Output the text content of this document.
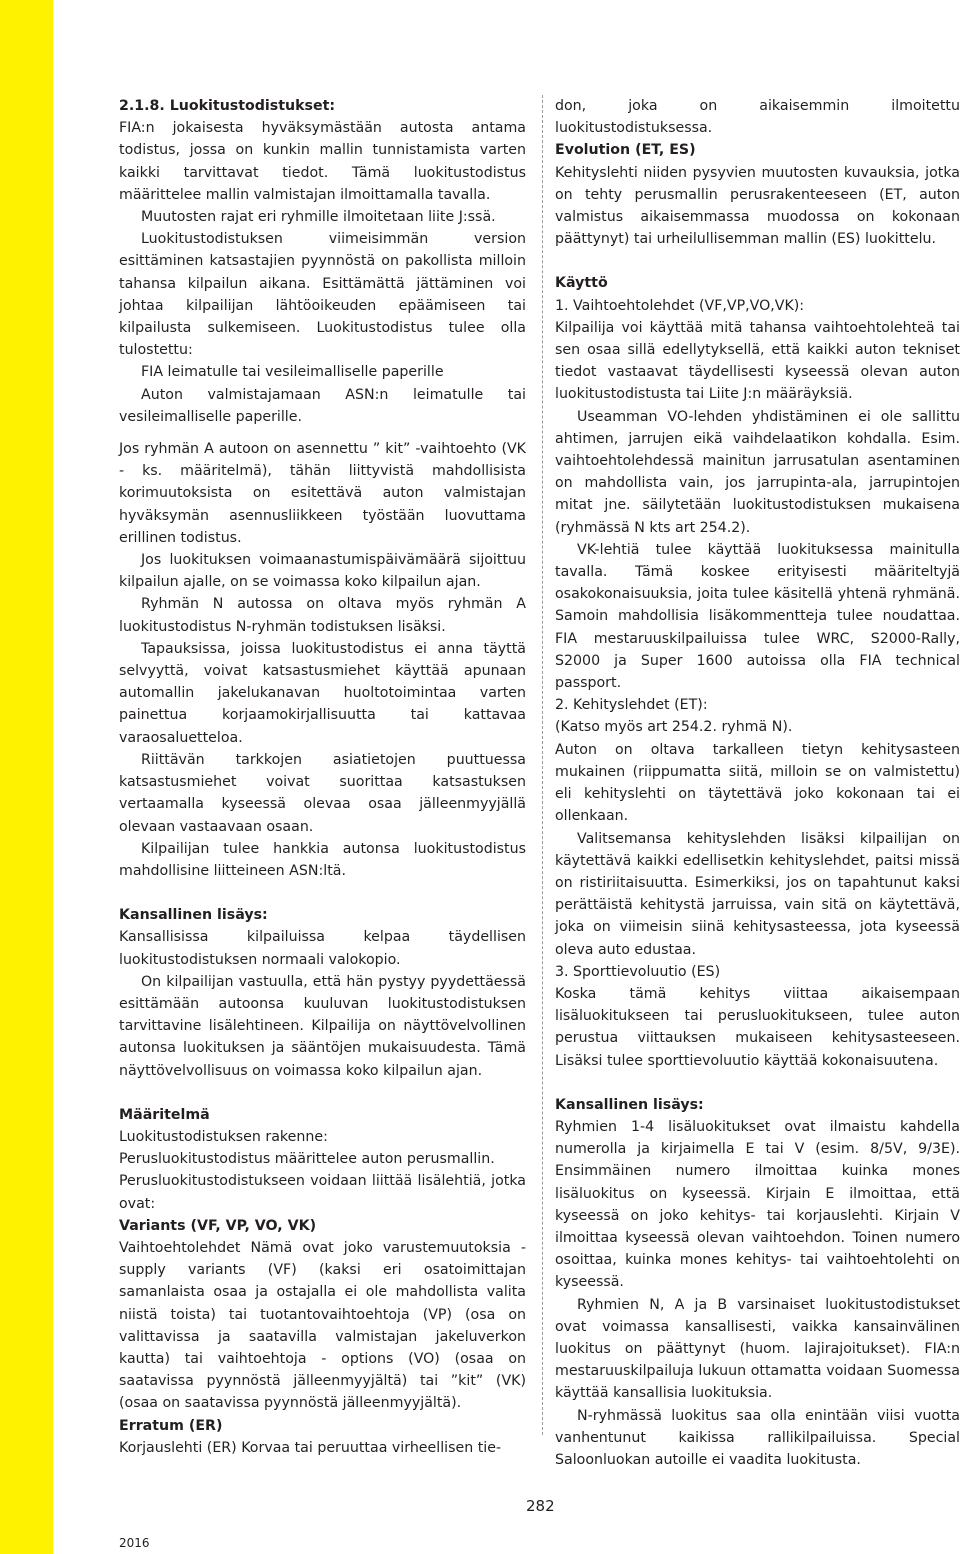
2.1.8. Luokitustodistukset:

FIA:n jokaisesta hyväksymästään autosta antama todistus, jossa on kunkin mallin tunnistamista varten kaikki tarvittavat tiedot. Tämä luokitustodistus määrittelee mallin valmistajan ilmoittamalla tavalla.

Muutosten rajat eri ryhmille ilmoitetaan liite J:ssä.

Luokitustodistuksen viimeisimmän version esittäminen katsastajien pyynnöstä on pakollista milloin tahansa kilpailun aikana. Esittämättä jättäminen voi johtaa kilpailijan lähtöoikeuden epäämiseen tai kilpailusta sulkemiseen. Luokitustodistus tulee olla tulostettu:

FIA leimatulle tai vesileimalliselle paperille

Auton valmistajamaan ASN:n leimatulle tai vesileimalliselle paperille.

Jos ryhmän A autoon on asennettu ” kit” -vaihtoehto (VK - ks. määritelmä), tähän liittyvistä mahdollisista korimuutoksista on esitettävä auton valmistajan hyväksymän asennusliikkeen työstään luovuttama erillinen todistus.

Jos luokituksen voimaanastumispäivämäärä sijoittuu kilpailun ajalle, on se voimassa koko kilpailun ajan.

Ryhmän N autossa on oltava myös ryhmän A luokitustodistus N-ryhmän todistuksen lisäksi.

Tapauksissa, joissa luokitustodistus ei anna täyttä selvyyttä, voivat katsastusmiehet käyttää apunaan automallin jakelukanavan huoltotoimintaa varten painettua korjaamokirjallisuutta tai kattavaa varaosaluetteloa.

Riittävän tarkkojen asiatietojen puuttuessa katsastusmiehet voivat suorittaa katsastuksen vertaamalla kyseessä olevaa osaa jälleenmyyjällä olevaan vastaavaan osaan.

Kilpailijan tulee hankkia autonsa luokitustodistus mahdollisine liitteineen ASN:ltä.

Kansallinen lisäys:

Kansallisissa kilpailuissa kelpaa täydellisen luokitustodistuksen normaali valokopio.

On kilpailijan vastuulla, että hän pystyy pyydettäessä esittämään autoonsa kuuluvan luokitustodistuksen tarvittavine lisälehtineen. Kilpailija on näyttövelvollinen autonsa luokituksen ja sääntöjen mukaisuudesta. Tämä näyttövelvollisuus on voimassa koko kilpailun ajan.

Määritelmä

Luokitustodistuksen rakenne:

Perusluokitustodistus määrittelee auton perusmallin.

Perusluokitustodistukseen voidaan liittää lisälehtiä, jotka ovat:

Variants (VF, VP, VO, VK)

Vaihtoehtolehdet Nämä ovat joko varustemuutoksia - supply variants (VF) (kaksi eri osatoimittajan samanlaista osaa ja ostajalla ei ole mahdollista valita niistä toista) tai tuotantovaihtoehtoja (VP) (osa on valittavissa ja saatavilla valmistajan jakeluverkon kautta) tai vaihtoehtoja - options (VO) (osaa on saatavissa pyynnöstä jälleenmyyjältä) tai ”kit” (VK) (osaa on saatavissa pyynnöstä jälleenmyyjältä).

Erratum (ER)

Korjauslehti (ER) Korvaa tai peruuttaa virheellisen tie-

don, joka on aikaisemmin ilmoitettu luokitustodistuksessa.

Evolution (ET, ES)

Kehityslehti niiden pysyvien muutosten kuvauksia, jotka on tehty perusmallin perusrakenteeseen (ET, auton valmistus aikaisemmassa muodossa on kokonaan päättynyt) tai urheilullisemman mallin (ES) luokittelu.

Käyttö

1. Vaihtoehtolehdet (VF,VP,VO,VK):

Kilpailija voi käyttää mitä tahansa vaihtoehtolehteä tai sen osaa sillä edellytyksellä, että kaikki auton tekniset tiedot vastaavat täydellisesti kyseessä olevan auton luokitustodistusta tai Liite J:n määräyksiä.

Useamman VO-lehden yhdistäminen ei ole sallittu ahtimen, jarrujen eikä vaihdelaatikon kohdalla. Esim. vaihtoehtolehdessä mainitun jarrusatulan asentaminen on mahdollista vain, jos jarrupinta-ala, jarrupintojen mitat jne. säilytetään luokitustodistuksen mukaisena (ryhmässä N kts art 254.2).

VK-lehtiä tulee käyttää luokituksessa mainitulla tavalla. Tämä koskee erityisesti määriteltyjä osakokonaisuuksia, joita tulee käsitellä yhtenä ryhmänä. Samoin mahdollisia lisäkommentteja tulee noudattaa. FIA mestaruuskilpailuissa tulee WRC, S2000-Rally, S2000 ja Super 1600 autoissa olla FIA technical passport.

2. Kehityslehdet (ET):

(Katso myös art 254.2. ryhmä N).

Auton on oltava tarkalleen tietyn kehitysasteen mukainen (riippumatta siitä, milloin se on valmistettu) eli kehityslehti on täytettävä joko kokonaan tai ei ollenkaan.

Valitsemansa kehityslehden lisäksi kilpailijan on käytettävä kaikki edellisetkin kehityslehdet, paitsi missä on ristiriitaisuutta. Esimerkiksi, jos on tapahtunut kaksi perättäistä kehitystä jarruissa, vain sitä on käytettävä, joka on viimeisin siinä kehitysasteessa, jota kyseessä oleva auto edustaa.

3. Sporttievoluutio (ES)

Koska tämä kehitys viittaa aikaisempaan lisäluokitukseen tai perusluokitukseen, tulee auton perustua viittauksen mukaiseen kehitysasteeseen. Lisäksi tulee sporttievoluutio käyttää kokonaisuutena.

Kansallinen lisäys:

Ryhmien 1-4 lisäluokitukset ovat ilmaistu kahdella numerolla ja kirjaimella E tai V (esim. 8/5V, 9/3E). Ensimmäinen numero ilmoittaa kuinka mones lisäluokitus on kyseessä. Kirjain E ilmoittaa, että kyseessä on joko kehitys- tai korjauslehti. Kirjain V ilmoittaa kyseessä olevan vaihtoehdon. Toinen numero osoittaa, kuinka mones kehitys- tai vaihtoehtolehti on kyseessä.

Ryhmien N, A ja B varsinaiset luokitustodistukset ovat voimassa kansallisesti, vaikka kansainvälinen luokitus on päättynyt (huom. lajirajoitukset). FIA:n mestaruuskilpailuja lukuun ottamatta voidaan Suomessa käyttää kansallisia luokituksia.

N-ryhmässä luokitus saa olla enintään viisi vuotta vanhentunut kaikissa rallikilpailuissa. Special Saloonluokan autoille ei vaadita luokitusta.

282
2016
